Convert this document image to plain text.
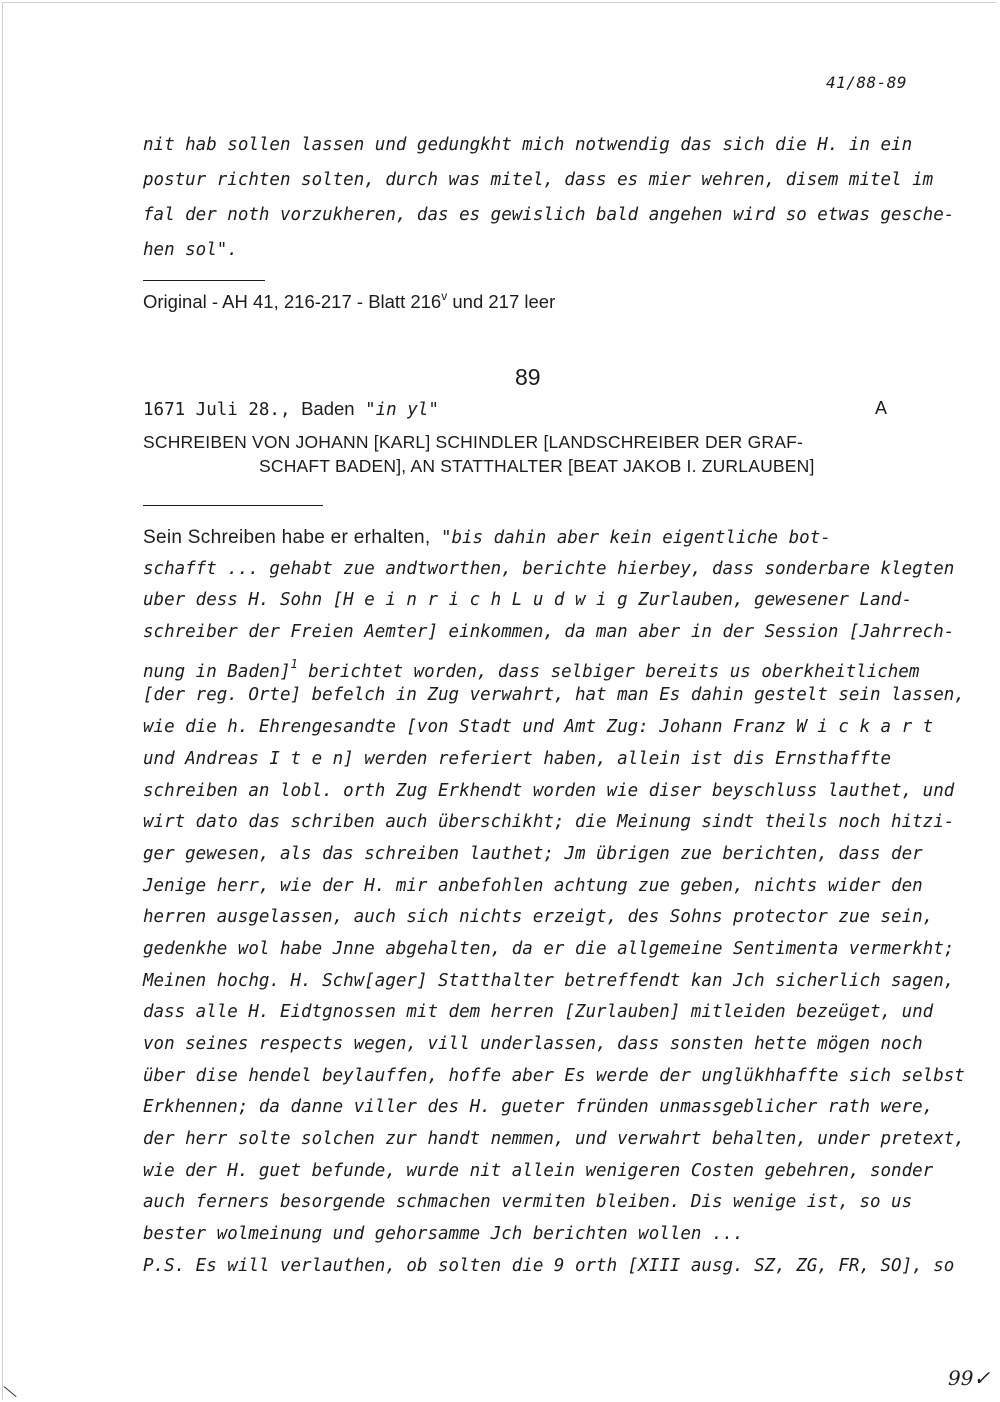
41/88-89
nit hab sollen lassen und gedungkht mich notwendig das sich die H. in ein
postur richten solten, durch was mitel, dass es mier wehren, disem mitel im
fal der noth vorzukheren, das es gewislich bald angehen wird so etwas gesche-
hen sol".
Original - AH 41, 216-217 - Blatt 216$^v$ und 217 leer
89
1671 Juli 28., Baden "in yl"	A
SCHREIBEN VON JOHANN [KARL] SCHINDLER [LANDSCHREIBER DER GRAF-
SCHAFT BADEN], AN STATTHALTER [BEAT JAKOB I. ZURLAUBEN]
Sein Schreiben habe er erhalten, "bis dahin aber kein eigentliche bot-
schafft ... gehabt zue andtworthen, berichte hierbey, dass sonderbare klegten
uber dess H. Sohn [H e i n r i c h L u d w i g Zurlauben, gewesener Land-
schreiber der Freien Aemter] einkommen, da man aber in der Session [Jahrrech-
nung in Baden]$^1$ berichtet worden, dass selbiger bereits us oberkheitlichem
[der reg. Orte] befelch in Zug verwahrt, hat man Es dahin gestelt sein lassen,
wie die h. Ehrengesandte [von Stadt und Amt Zug: Johann Franz W i c k a r t
und Andreas I t e n] werden referiert haben, allein ist dis Ernsthaffte
schreiben an lobl. orth Zug Erkhendt worden wie diser beyschluss lauthet, und
wirt dato das schriben auch überschikht; die Meinung sindt theils noch hitzi-
ger gewesen, als das schreiben lauthet; Jm übrigen zue berichten, dass der
Jenige herr, wie der H. mir anbefohlen achtung zue geben, nichts wider den
herren ausgelassen, auch sich nichts erzeigt, des Sohns protector zue sein,
gedenkhe wol habe Jnne abgehalten, da er die allgemeine Sentimenta vermerkht;
Meinen hochg. H. Schw[ager] Statthalter betreffendt kan Jch sicherlich sagen,
dass alle H. Eidtgnossen mit dem herren [Zurlauben] mitleiden bezeüget, und
von seines respects wegen, vill underlassen, dass sonsten hette mögen noch
über dise hendel beylauffen, hoffe aber Es werde der unglükhhaffte sich selbst
Erkhennen; da danne viller des H. gueter fründen unmassgeblicher rath were,
der herr solte solchen zur handt nemmen, und verwahrt behalten, under pretext,
wie der H. guet befunde, wurde nit allein wenigeren Costen gebehren, sonder
auch ferners besorgende schmachen vermiten bleiben. Dis wenige ist, so us
bester wolmeinung und gehorsamme Jch berichten wollen ...
P.S. Es will verlauthen, ob solten die 9 orth [XIII ausg. SZ, ZG, FR, SO], so
99✓
